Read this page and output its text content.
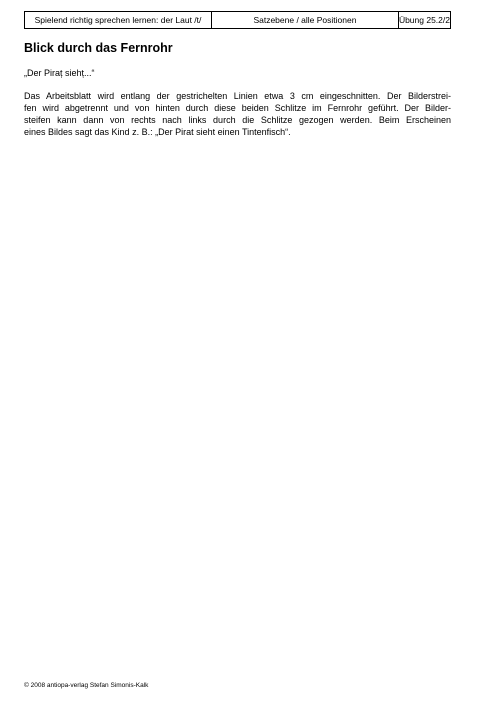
Spielend richtig sprechen lernen: der Laut /t/	Satzebene / alle Positionen	Übung 25.2/2
Blick durch das Fernrohr

„Der Piraț siehț...“

Das Arbeitsblatt wird entlang der gestrichelten Linien etwa 3 cm eingeschnitten. Der Bilderstrei-
fen wird abgetrennt und von hinten durch diese beiden Schlitze im Fernrohr geführt. Der Bilder-
steifen kann dann von rechts nach links durch die Schlitze gezogen werden. Beim Erscheinen
eines Bildes sagt das Kind z. B.: „Der Pirat sieht einen Tintenfisch“.

© 2008 antiopa-verlag Stefan Simonis-Kalk
